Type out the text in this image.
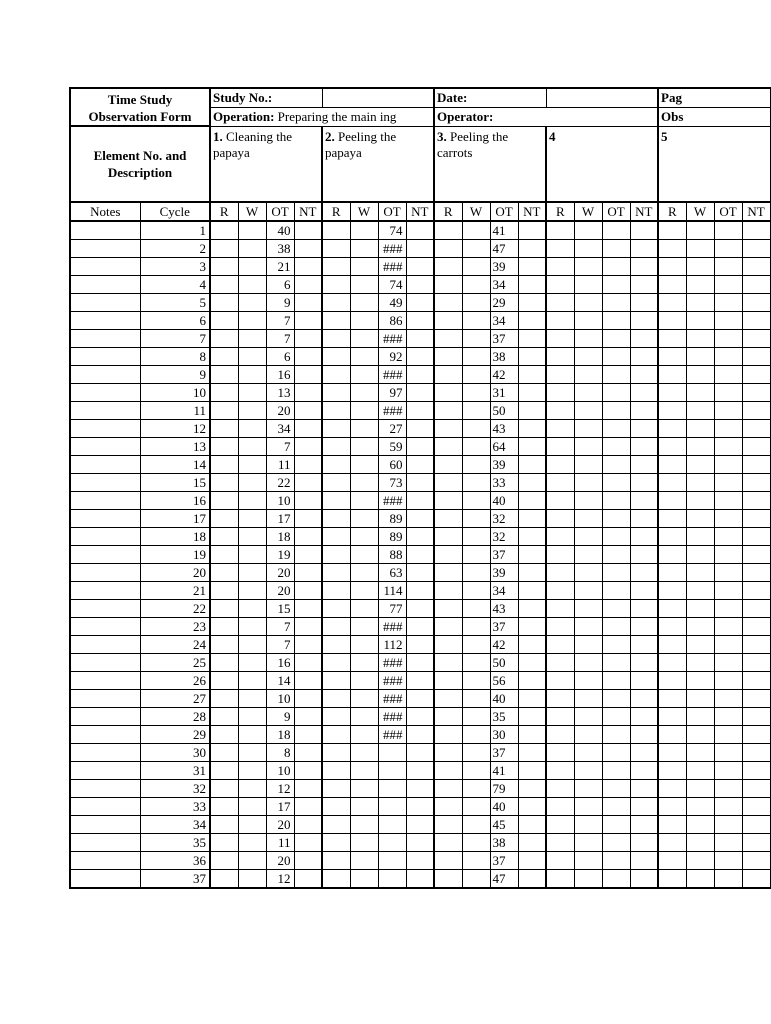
Time Study Observation Form		Study No.:								Date:								Pag			
		Operation: Preparing the main ing								Operator:								Obs			
Element No. and Description		1. Cleaning the papaya				2. Peeling the papaya				3. Peeling the carrots				4				5			
Notes	Cycle	R	W	OT	NT	R	W	OT	NT	R	W	OT	NT	R	W	OT	NT	R	W	OT	NT
	1			40				74				41									
	2			38				###				47									
	3			21				###				39									
	4			6				74				34									
	5			9				49				29									
	6			7				86				34									
	7			7				###				37									
	8			6				92				38									
	9			16				###				42									
	10			13				97				31									
	11			20				###				50									
	12			34				27				43									
	13			7				59				64									
	14			11				60				39									
	15			22				73				33									
	16			10				###				40									
	17			17				89				32									
	18			18				89				32									
	19			19				88				37									
	20			20				63				39									
	21			20				114				34									
	22			15				77				43									
	23			7				###				37									
	24			7				112				42									
	25			16				###				50									
	26			14				###				56									
	27			10				###				40									
	28			9				###				35									
	29			18				###				30									
	30			8								37									
	31			10								41									
	32			12								79									
	33			17								40									
	34			20								45									
	35			11								38									
	36			20								37									
	37			12								47									
